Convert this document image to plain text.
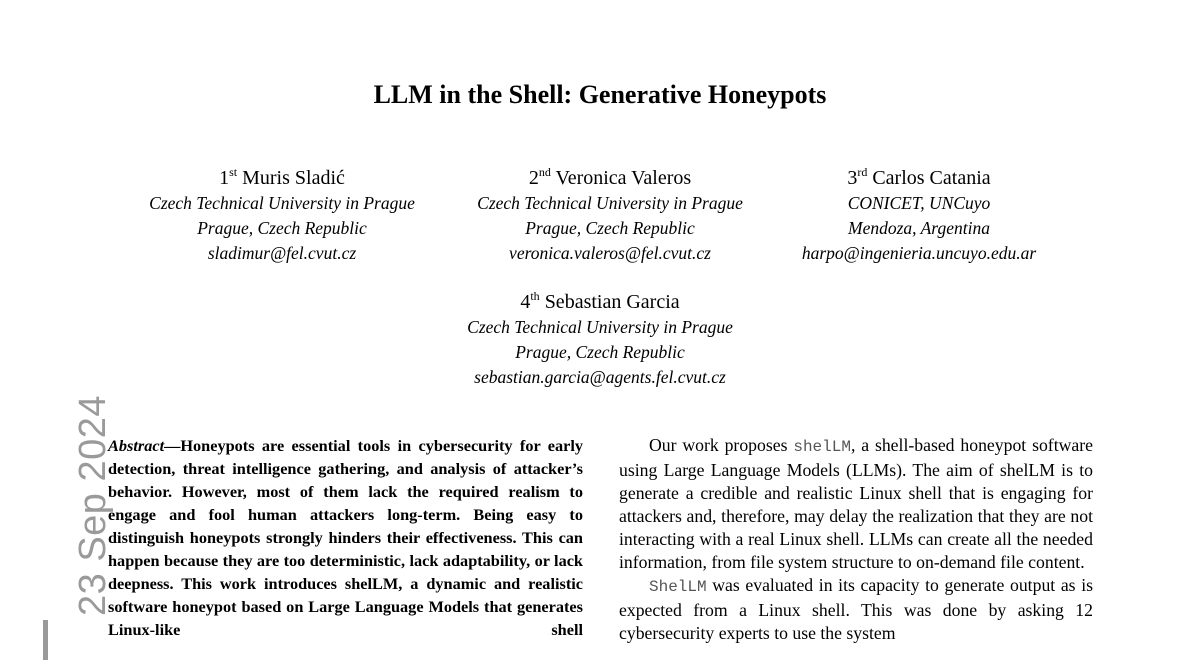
LLM in the Shell: Generative Honeypots
1st Muris Sladić
Czech Technical University in Prague
Prague, Czech Republic
sladimur@fel.cvut.cz
2nd Veronica Valeros
Czech Technical University in Prague
Prague, Czech Republic
veronica.valeros@fel.cvut.cz
3rd Carlos Catania
CONICET, UNCuyo
Mendoza, Argentina
harpo@ingenieria.uncuyo.edu.ar
4th Sebastian Garcia
Czech Technical University in Prague
Prague, Czech Republic
sebastian.garcia@agents.fel.cvut.cz
23 Sep 2024
Abstract—Honeypots are essential tools in cybersecurity for early detection, threat intelligence gathering, and analysis of attacker’s behavior. However, most of them lack the required realism to engage and fool human attackers long-term. Being easy to distinguish honeypots strongly hinders their effectiveness. This can happen because they are too deterministic, lack adaptability, or lack deepness. This work introduces shelLM, a dynamic and realistic software honeypot based on Large Language Models that generates Linux-like shell

Our work proposes shelLM, a shell-based honeypot software using Large Language Models (LLMs). The aim of shelLM is to generate a credible and realistic Linux shell that is engaging for attackers and, therefore, may delay the realization that they are not interacting with a real Linux shell. LLMs can create all the needed information, from file system structure to on-demand file content.

ShelLM was evaluated in its capacity to generate output as is expected from a Linux shell. This was done by asking 12 cybersecurity experts to use the system
